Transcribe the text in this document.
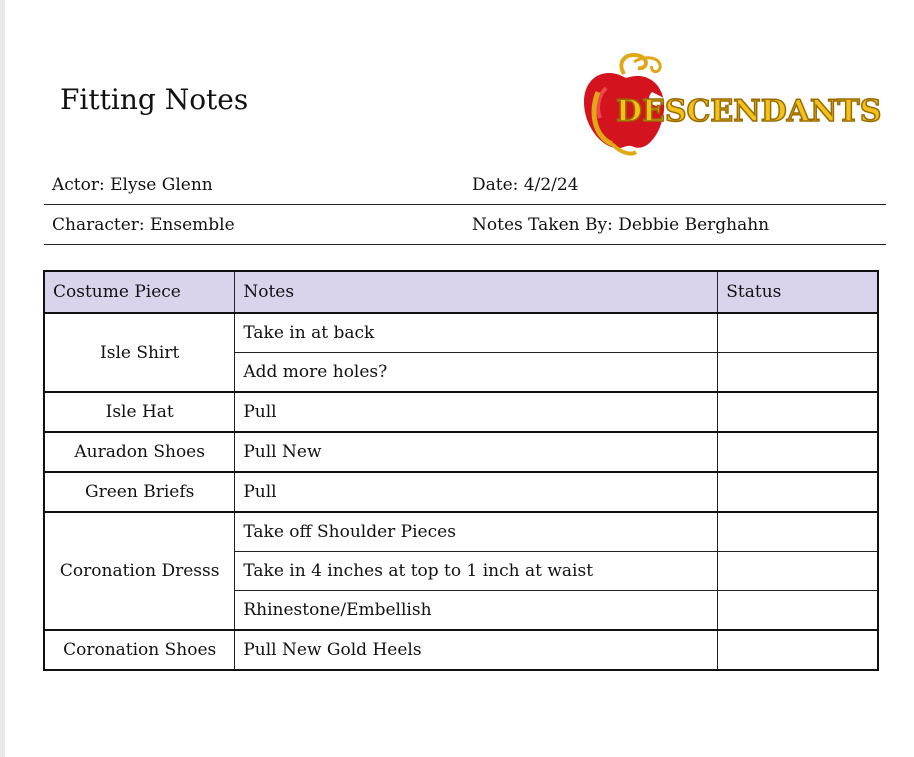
Fitting Notes	DESCENDANTS
Actor: Elyse Glenn	Date: 4/2/24
Character: Ensemble	Notes Taken By: Debbie Berghahn
Costume Piece	Notes	Status
Isle Shirt	Take in at back	
	Add more holes?	
Isle Hat	Pull	
Auradon Shoes	Pull New	
Green Briefs	Pull	
Coronation Dresss	Take off Shoulder Pieces	
	Take in 4 inches at top to 1 inch at waist	
	Rhinestone/Embellish	
Coronation Shoes	Pull New Gold Heels	
